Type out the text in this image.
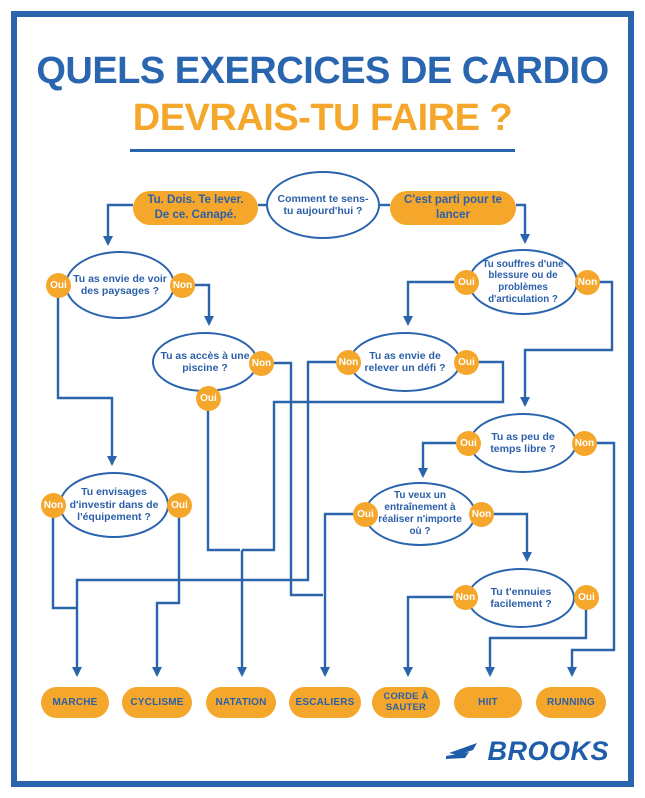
QUELS EXERCICES DE CARDIO
DEVRAIS-TU FAIRE ?
Tu. Dois. Te lever. De ce. Canapé.
C'est parti pour te lancer
Comment te sens-tu aujourd'hui ?
Tu as envie de voir des paysages ?
Tu as accès à une piscine ?
Tu souffres d'une blessure ou de problèmes d'articulation ?
Tu as envie de relever un défi ?
Tu as peu de temps libre ?
Tu envisages d'investir dans de l'équipement ?
Tu veux un entraînement à réaliser n'importe où ?
Tu t'ennuies facilement ?
Oui	Non
Non
Oui
Oui	Non
Non	Oui
Oui	Non
Non	Oui
Oui	Non
Non	Oui
MARCHE	CYCLISME	NATATION	ESCALIERS
CORDE À SAUTER	HIIT	RUNNING
BROOKS
